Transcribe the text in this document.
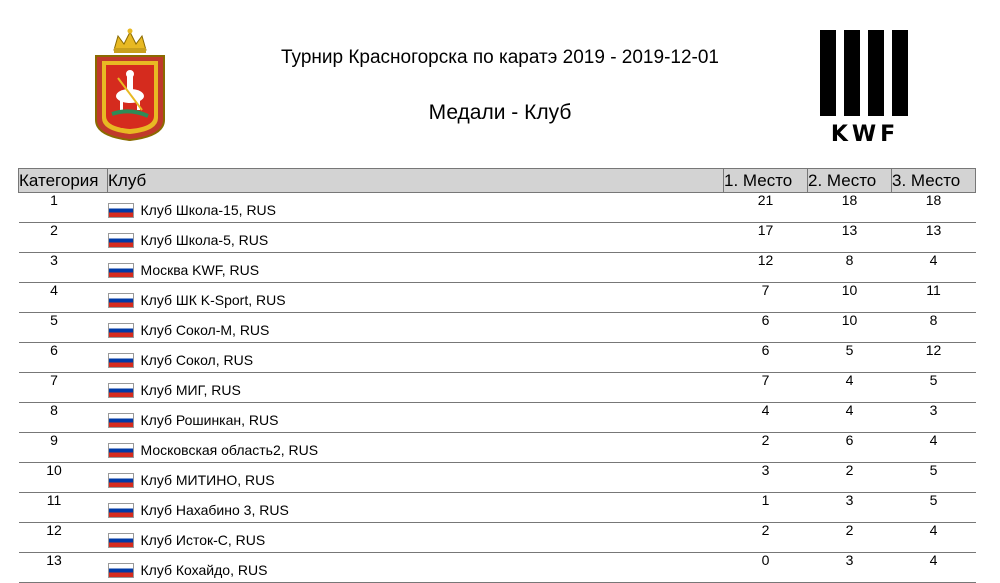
Турнир Красногорска по каратэ 2019 - 2019-12-01
Медали - Клуб
KWF
Категория	Клуб	1. Место	2. Место	3. Место
1	Клуб Школа-15, RUS	21	18	18
2	Клуб Школа-5, RUS	17	13	13
3	Москва KWF, RUS	12	8	4
4	Клуб ШК K-Sport, RUS	7	10	11
5	Клуб Сокол-М, RUS	6	10	8
6	Клуб Сокол, RUS	6	5	12
7	Клуб МИГ, RUS	7	4	5
8	Клуб Рошинкан, RUS	4	4	3
9	Московская область2, RUS	2	6	4
10	Клуб МИТИНО, RUS	3	2	5
11	Клуб Нахабино 3, RUS	1	3	5
12	Клуб Исток-С, RUS	2	2	4
13	Клуб Кохайдо, RUS	0	3	4
